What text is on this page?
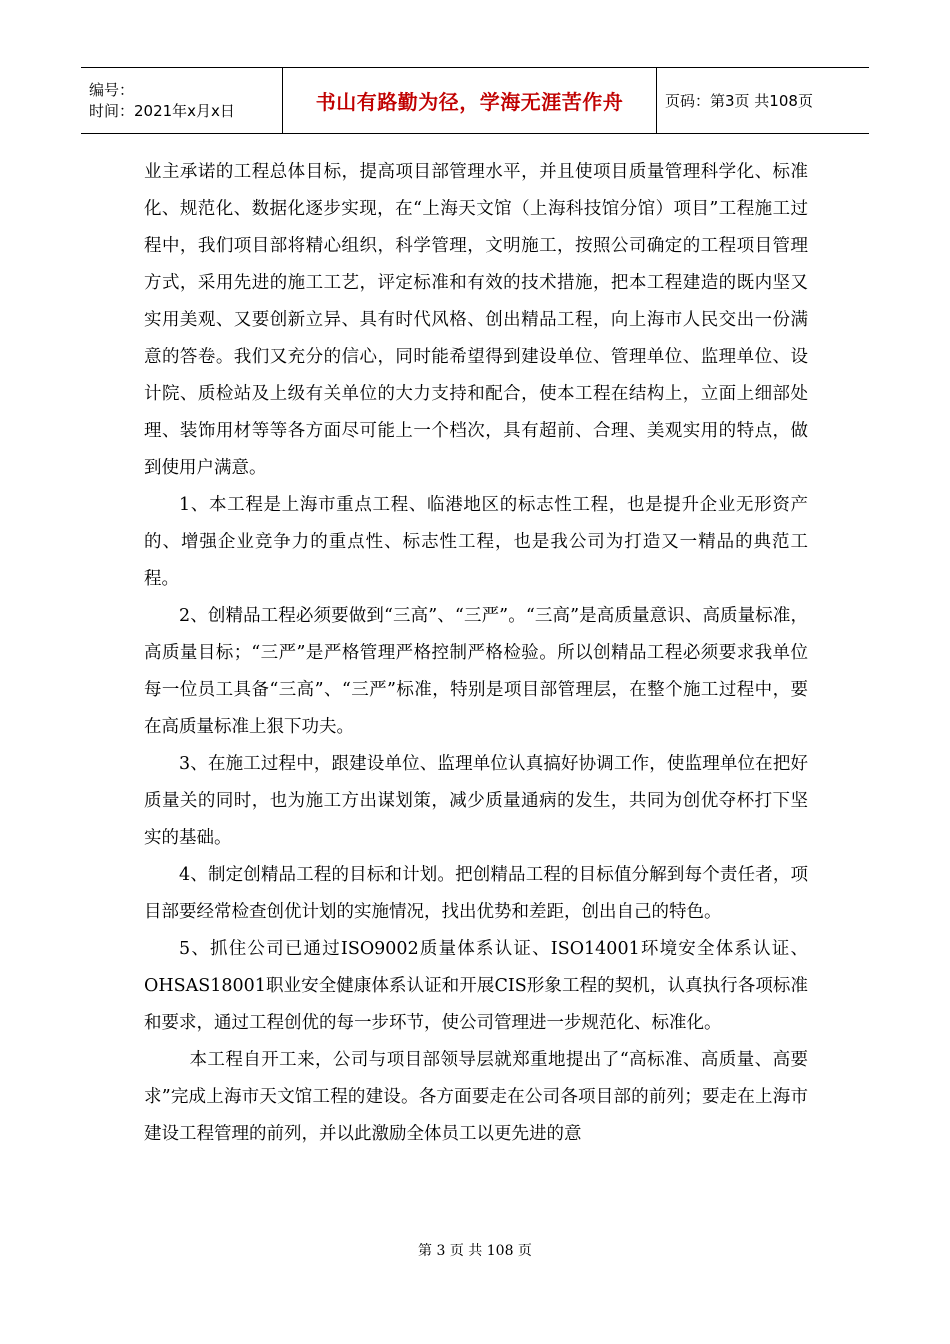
编号：
时间：2021年x月x日	书山有路勤为径，学海无涯苦作舟	页码：第3页 共108页

业主承诺的工程总体目标，提高项目部管理水平，并且使项目质量管理科学化、标准化、规范化、数据化逐步实现，在“上海天文馆（上海科技馆分馆）项目”工程施工过程中，我们项目部将精心组织，科学管理，文明施工，按照公司确定的工程项目管理方式，采用先进的施工工艺，评定标准和有效的技术措施，把本工程建造的既内坚又实用美观、又要创新立异、具有时代风格、创出精品工程，向上海市人民交出一份满意的答卷。我们又充分的信心，同时能希望得到建设单位、管理单位、监理单位、设计院、质检站及上级有关单位的大力支持和配合，使本工程在结构上，立面上细部处理、装饰用材等等各方面尽可能上一个档次，具有超前、合理、美观实用的特点，做到使用户满意。

1、本工程是上海市重点工程、临港地区的标志性工程，也是提升企业无形资产的、增强企业竞争力的重点性、标志性工程，也是我公司为打造又一精品的典范工程。

2、创精品工程必须要做到“三高”、“三严”。“三高”是高质量意识、高质量标准，高质量目标；“三严”是严格管理严格控制严格检验。所以创精品工程必须要求我单位每一位员工具备“三高”、“三严”标准，特别是项目部管理层，在整个施工过程中，要在高质量标准上狠下功夫。

3、在施工过程中，跟建设单位、监理单位认真搞好协调工作，使监理单位在把好质量关的同时，也为施工方出谋划策，减少质量通病的发生，共同为创优夺杯打下坚实的基础。

4、制定创精品工程的目标和计划。把创精品工程的目标值分解到每个责任者，项目部要经常检查创优计划的实施情况，找出优势和差距，创出自己的特色。

5、抓住公司已通过ISO9002质量体系认证、ISO14001环境安全体系认证、OHSAS18001职业安全健康体系认证和开展CIS形象工程的契机，认真执行各项标准和要求，通过工程创优的每一步环节，使公司管理进一步规范化、标准化。

本工程自开工来，公司与项目部领导层就郑重地提出了“高标准、高质量、高要求”完成上海市天文馆工程的建设。各方面要走在公司各项目部的前列；要走在上海市建设工程管理的前列，并以此激励全体员工以更先进的意

第 3 页 共 108 页
